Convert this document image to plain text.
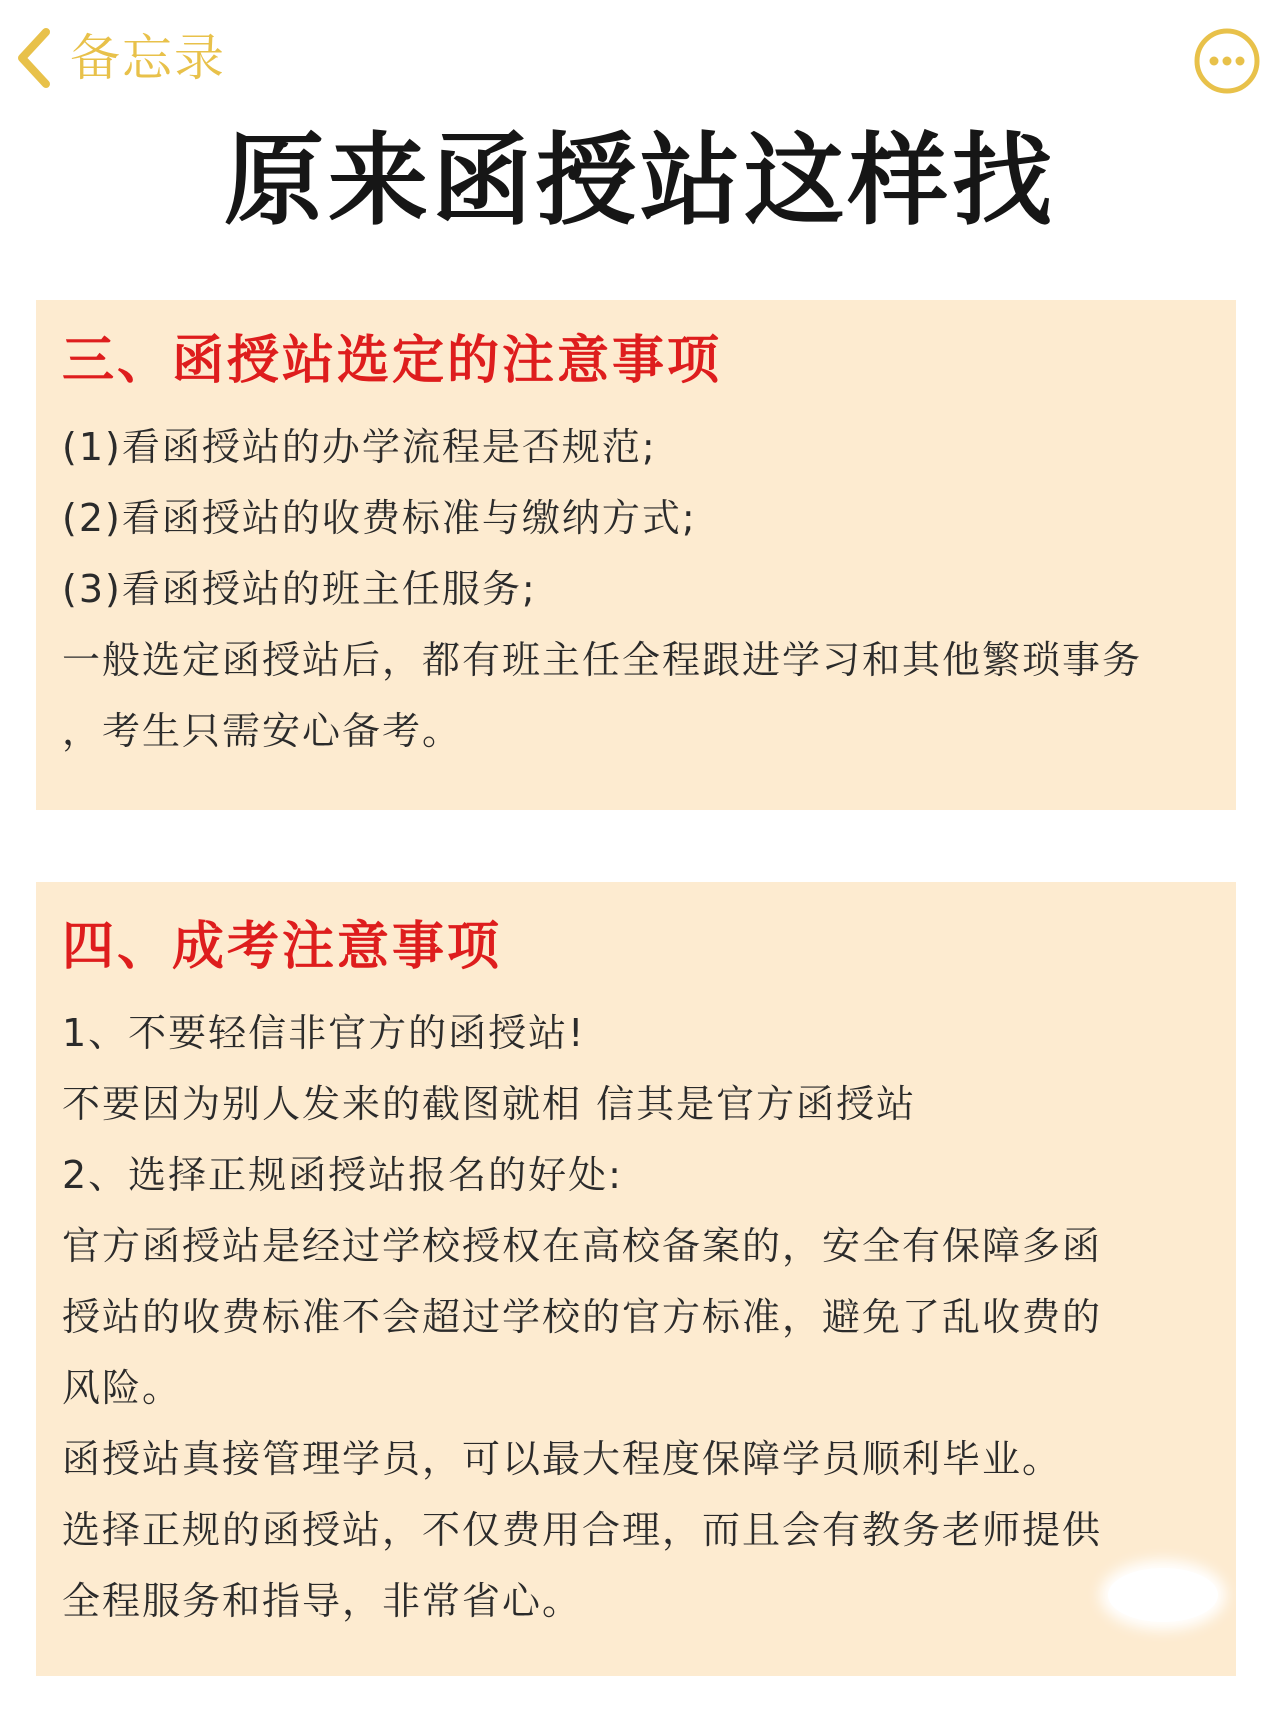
备忘录
原来函授站这样找
三、函授站选定的注意事项

(1)看函授站的办学流程是否规范;

(2)看函授站的收费标准与缴纳方式;

(3)看函授站的班主任服务;

一般选定函授站后，都有班主任全程跟进学习和其他繁琐事务

，考生只需安心备考。

四、成考注意事项

1、不要轻信非官方的函授站!

不要因为别人发来的截图就相 信其是官方函授站

2、选择正规函授站报名的好处:

官方函授站是经过学校授权在高校备案的，安全有保障多函

授站的收费标准不会超过学校的官方标准，避免了乱收费的

风险。

函授站真接管理学员，可以最大程度保障学员顺利毕业。

选择正规的函授站，不仅费用合理，而且会有教务老师提供

全程服务和指导，非常省心。
